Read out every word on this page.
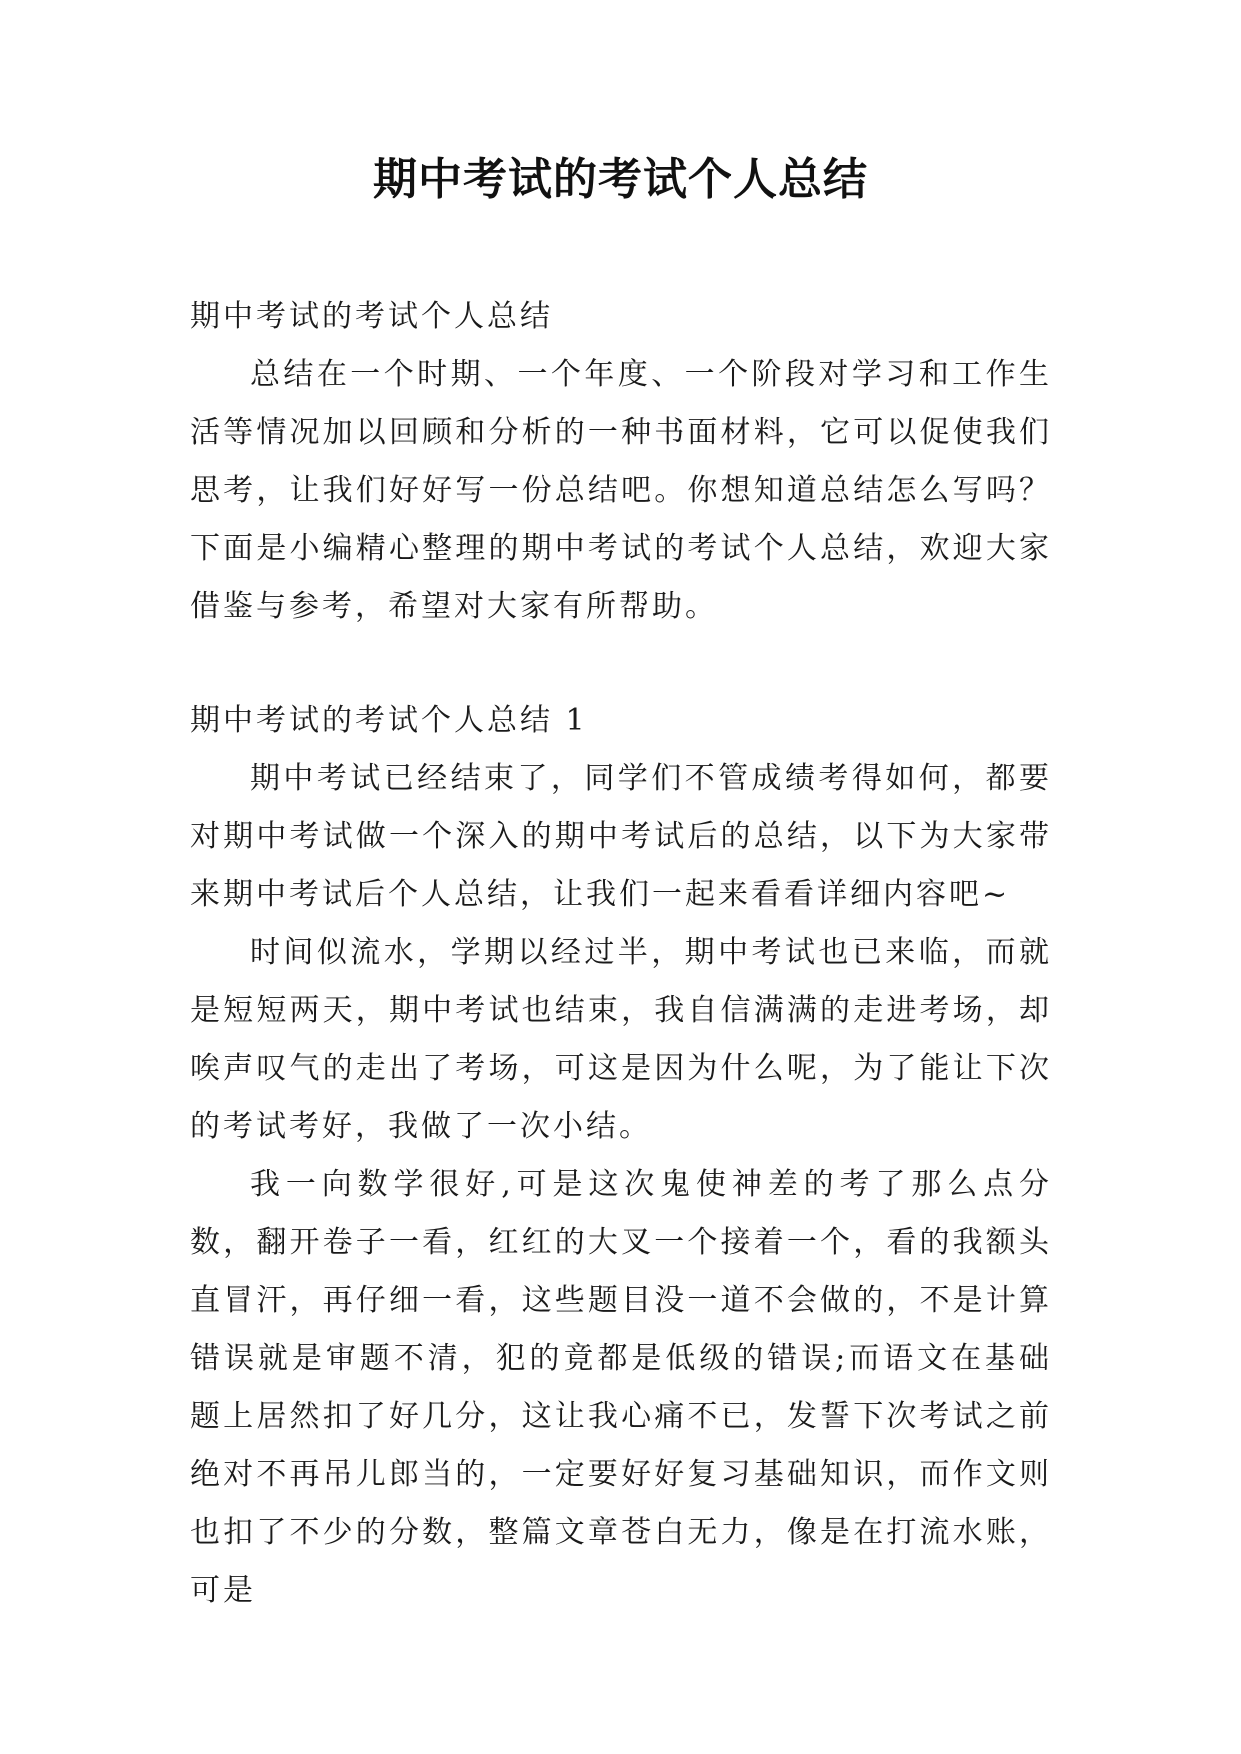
期中考试的考试个人总结

期中考试的考试个人总结

总结在一个时期、一个年度、一个阶段对学习和工作生活等情况加以回顾和分析的一种书面材料，它可以促使我们思考，让我们好好写一份总结吧。你想知道总结怎么写吗？下面是小编精心整理的期中考试的考试个人总结，欢迎大家借鉴与参考，希望对大家有所帮助。

期中考试的考试个人总结 1

期中考试已经结束了，同学们不管成绩考得如何，都要对期中考试做一个深入的期中考试后的总结，以下为大家带来期中考试后个人总结，让我们一起来看看详细内容吧~

时间似流水，学期以经过半，期中考试也已来临，而就是短短两天，期中考试也结束，我自信满满的走进考场，却唉声叹气的走出了考场，可这是因为什么呢，为了能让下次的考试考好，我做了一次小结。

我一向数学很好,可是这次鬼使神差的考了那么点分数，翻开卷子一看，红红的大叉一个接着一个，看的我额头直冒汗，再仔细一看，这些题目没一道不会做的，不是计算错误就是审题不清，犯的竟都是低级的错误;而语文在基础题上居然扣了好几分，这让我心痛不已，发誓下次考试之前绝对不再吊儿郎当的，一定要好好复习基础知识，而作文则也扣了不少的分数，整篇文章苍白无力，像是在打流水账，可是
